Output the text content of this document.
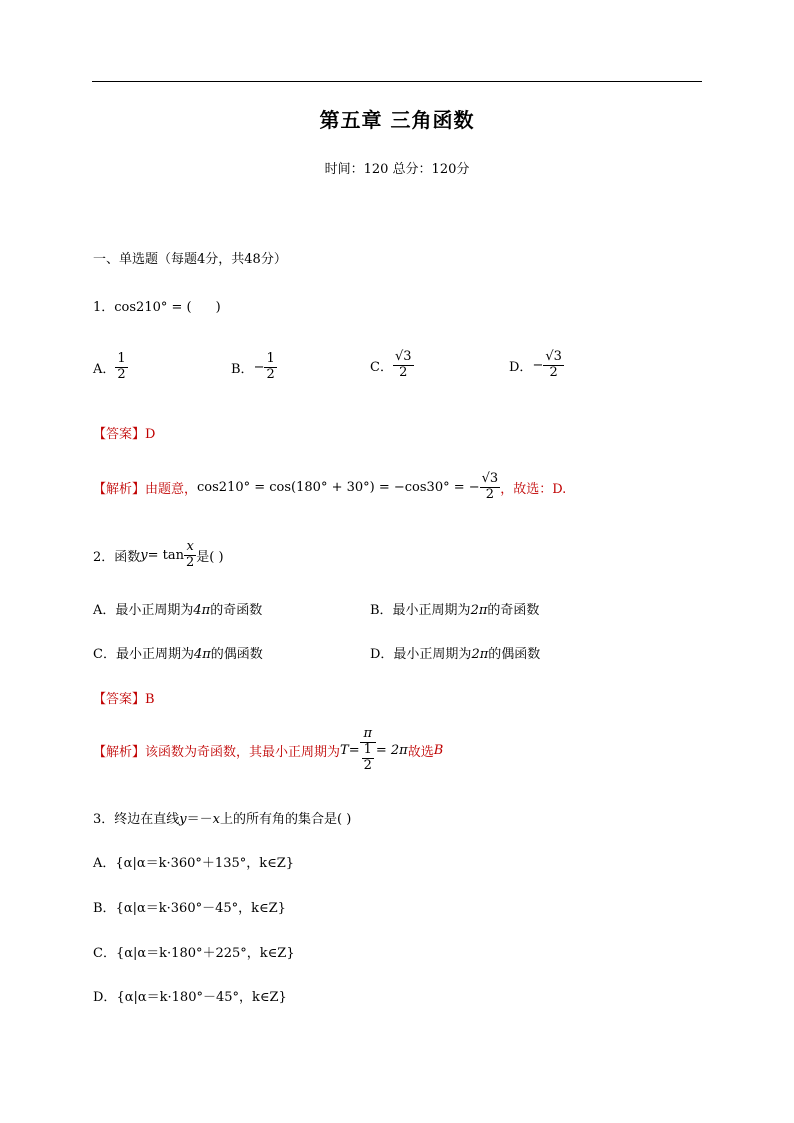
第五章 三角函数
时间：120 总分：120分
一、单选题（每题4分，共48分）
1．cos210° = ( )
A． $\frac{1}{2}$	B． − $\frac{1}{2}$	C． $\frac{√3}{2}$	D． − $\frac{√3}{2}$
【答案】D
【解析】 由题意， cos210° = cos(180° + 30°) = −cos30° = − $\frac{√3}{2}$ ，故选：D.
2．函数 $y = \tan \frac{x}{2}$ 是( )
A．最小正周期为4π的奇函数	B．最小正周期为2π的奇函数
C．最小正周期为4π的偶函数	D．最小正周期为2π的偶函数
【答案】B
【解析】 该函数为奇函数，其最小正周期为 $T = \frac{\pi}{\frac{1}{2}} = 2\pi$ 故选 B
3．终边在直线y＝－x上的所有角的集合是( )
A．{α|α＝k·360°＋135°，k∈Z}
B．{α|α＝k·360°－45°，k∈Z}
C．{α|α＝k·180°＋225°，k∈Z}
D．{α|α＝k·180°－45°，k∈Z}
